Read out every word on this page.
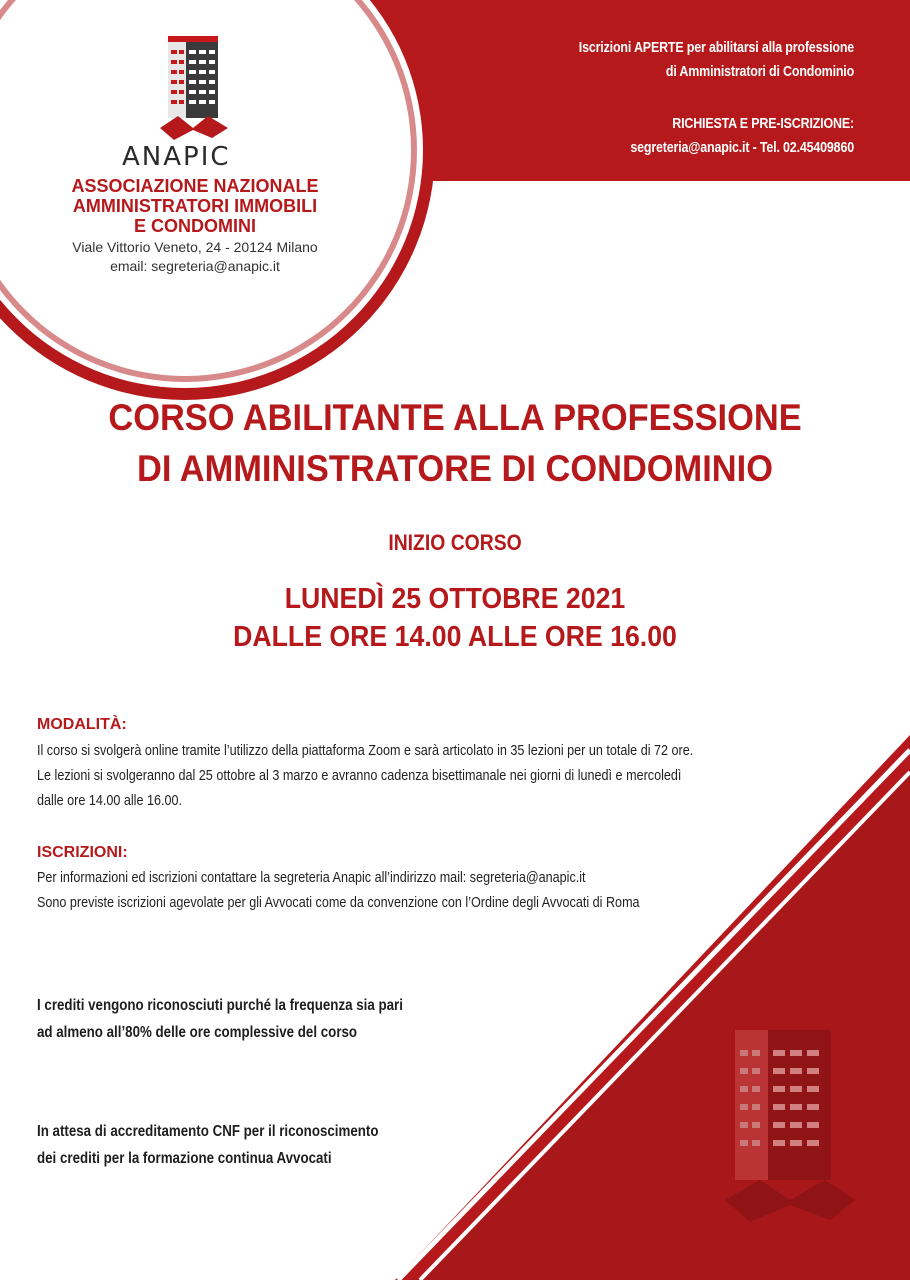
Iscrizioni APERTE per abilitarsi alla professione
di Amministratori di Condominio
RICHIESTA E PRE-ISCRIZIONE:
segreteria@anapic.it - Tel. 02.45409860
ANAPIC
ASSOCIAZIONE NAZIONALE
AMMINISTRATORI IMMOBILI
E CONDOMINI
Viale Vittorio Veneto, 24 - 20124 Milano
email: segreteria@anapic.it
CORSO ABILITANTE ALLA PROFESSIONE
DI AMMINISTRATORE DI CONDOMINIO
INIZIO CORSO
LUNEDÌ 25 OTTOBRE 2021
DALLE ORE 14.00 ALLE ORE 16.00
MODALITÀ:
Il corso si svolgerà online tramite l’utilizzo della piattaforma Zoom e sarà articolato in 35 lezioni per un totale di 72 ore.
Le lezioni si svolgeranno dal 25 ottobre al 3 marzo e avranno cadenza bisettimanale nei giorni di lunedì e mercoledì
dalle ore 14.00 alle 16.00.
ISCRIZIONI:
Per informazioni ed iscrizioni contattare la segreteria Anapic all’indirizzo mail: segreteria@anapic.it
Sono previste iscrizioni agevolate per gli Avvocati come da convenzione con l’Ordine degli Avvocati di Roma
I crediti vengono riconosciuti purché la frequenza sia pari
ad almeno all’80% delle ore complessive del corso
In attesa di accreditamento CNF per il riconoscimento
dei crediti per la formazione continua Avvocati
